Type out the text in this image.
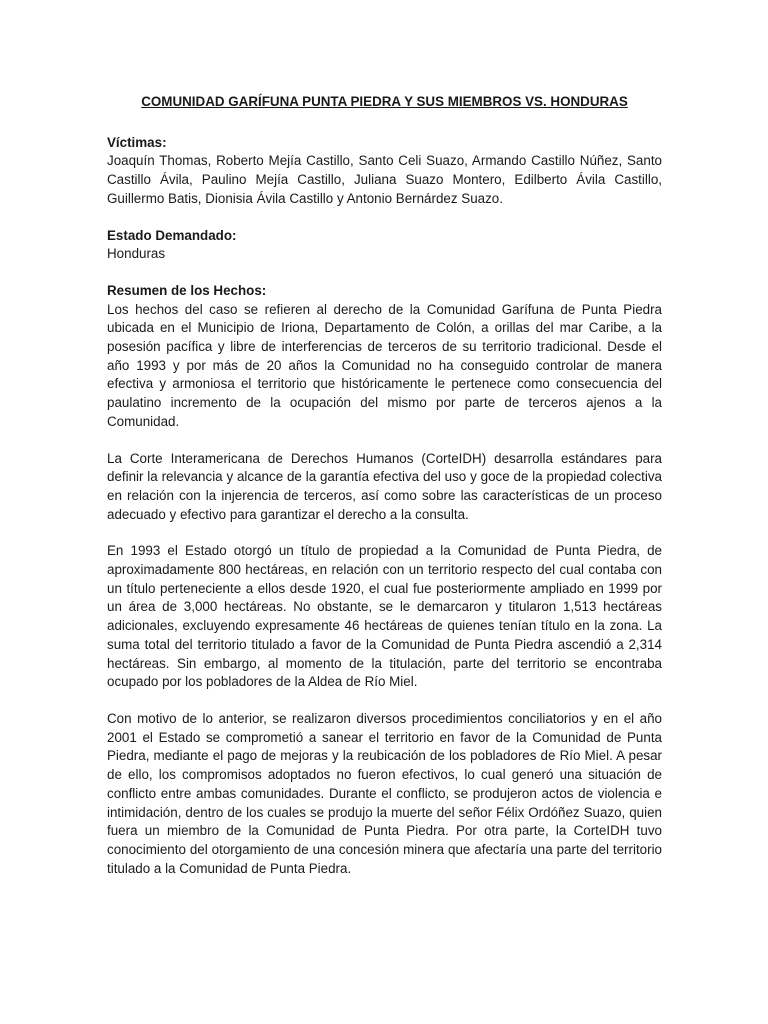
COMUNIDAD GARÍFUNA PUNTA PIEDRA Y SUS MIEMBROS VS. HONDURAS

Víctimas:

Joaquín Thomas, Roberto Mejía Castillo, Santo Celi Suazo, Armando Castillo Núñez, Santo Castillo Ávila, Paulino Mejía Castillo, Juliana Suazo Montero, Edilberto Ávila Castillo, Guillermo Batis, Dionisia Ávila Castillo y Antonio Bernárdez Suazo.

Estado Demandado:

Honduras

Resumen de los Hechos:

Los hechos del caso se refieren al derecho de la Comunidad Garífuna de Punta Piedra ubicada en el Municipio de Iriona, Departamento de Colón, a orillas del mar Caribe, a la posesión pacífica y libre de interferencias de terceros de su territorio tradicional. Desde el año 1993 y por más de 20 años la Comunidad no ha conseguido controlar de manera efectiva y armoniosa el territorio que históricamente le pertenece como consecuencia del paulatino incremento de la ocupación del mismo por parte de terceros ajenos a la Comunidad.

La Corte Interamericana de Derechos Humanos (CorteIDH) desarrolla estándares para definir la relevancia y alcance de la garantía efectiva del uso y goce de la propiedad colectiva en relación con la injerencia de terceros, así como sobre las características de un proceso adecuado y efectivo para garantizar el derecho a la consulta.

En 1993 el Estado otorgó un título de propiedad a la Comunidad de Punta Piedra, de aproximadamente 800 hectáreas, en relación con un territorio respecto del cual contaba con un título perteneciente a ellos desde 1920, el cual fue posteriormente ampliado en 1999 por un área de 3,000 hectáreas. No obstante, se le demarcaron y titularon 1,513 hectáreas adicionales, excluyendo expresamente 46 hectáreas de quienes tenían título en la zona. La suma total del territorio titulado a favor de la Comunidad de Punta Piedra ascendió a 2,314 hectáreas. Sin embargo, al momento de la titulación, parte del territorio se encontraba ocupado por los pobladores de la Aldea de Río Miel.

Con motivo de lo anterior, se realizaron diversos procedimientos conciliatorios y en el año 2001 el Estado se comprometió a sanear el territorio en favor de la Comunidad de Punta Piedra, mediante el pago de mejoras y la reubicación de los pobladores de Río Miel. A pesar de ello, los compromisos adoptados no fueron efectivos, lo cual generó una situación de conflicto entre ambas comunidades. Durante el conflicto, se produjeron actos de violencia e intimidación, dentro de los cuales se produjo la muerte del señor Félix Ordóñez Suazo, quien fuera un miembro de la Comunidad de Punta Piedra. Por otra parte, la CorteIDH tuvo conocimiento del otorgamiento de una concesión minera que afectaría una parte del territorio titulado a la Comunidad de Punta Piedra.
